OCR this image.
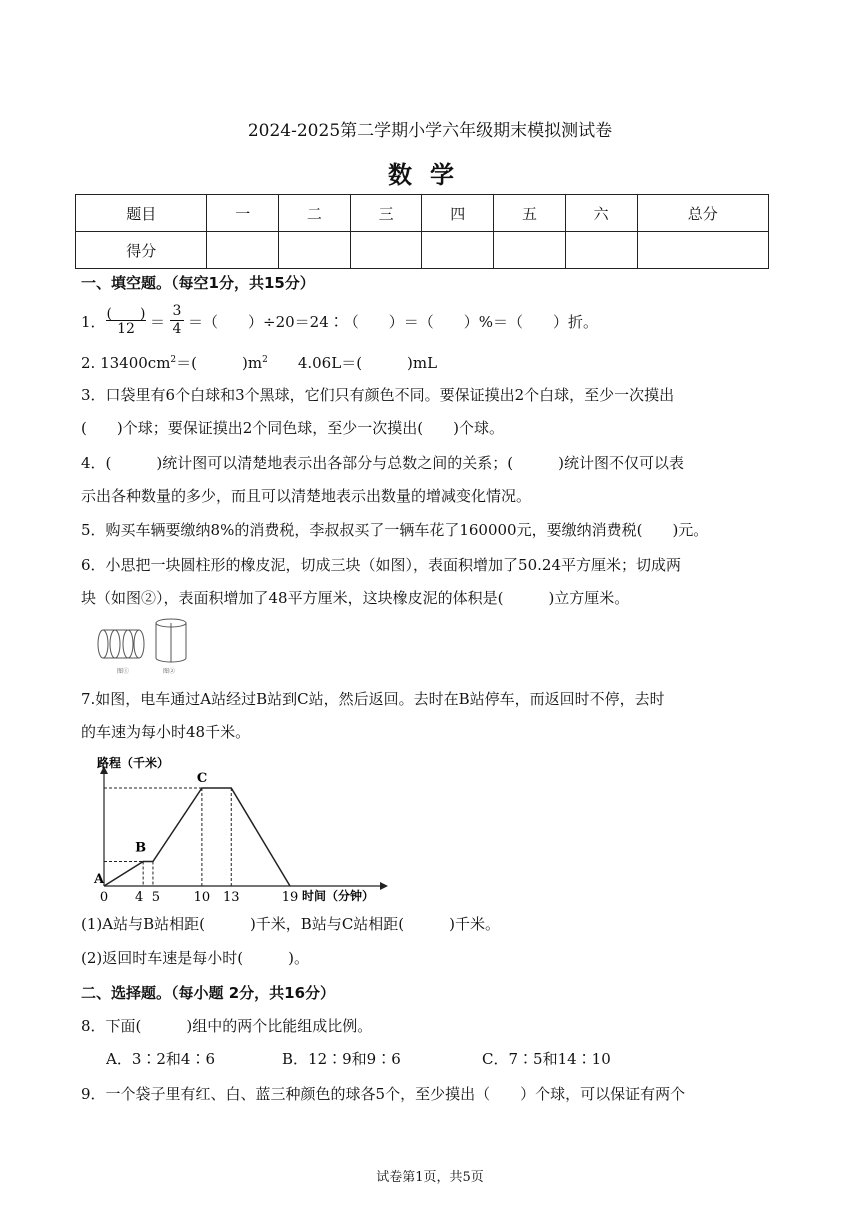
2024-2025第二学期小学六年级期末模拟测试卷
数学
题目	一	二	三	四	五	六	总分
得分							
一、填空题。（每空1分，共15分）
1． (　　)
12	＝ $\frac{3}{4}$ ＝（　　）÷20＝24∶（　　）＝（　　）%＝（　　）折。
2. $13400cm^2=$(　　　)$m^2$　　4.06L＝(　　　)mL
3．口袋里有6个白球和3个黑球，它们只有颜色不同。要保证摸出2个白球，至少一次摸出
(　　)个球；要保证摸出2个同色球，至少一次摸出(　　)个球。
4．(　　　)统计图可以清楚地表示出各部分与总数之间的关系；(　　　)统计图不仅可以表
示出各种数量的多少，而且可以清楚地表示出数量的增减变化情况。
5．购买车辆要缴纳8%的消费税，李叔叔买了一辆车花了160000元，要缴纳消费税(　　)元。
6．小思把一块圆柱形的橡皮泥，切成三块（如图），表面积增加了50.24平方厘米；切成两
块（如图②），表面积增加了48平方厘米，这块橡皮泥的体积是(　　　)立方厘米。
图①	图②
7.如图，电车通过A站经过B站到C站，然后返回。去时在B站停车，而返回时不停，去时
的车速为每小时48千米。
路程（千米）
时间（分钟）
0 4 5	10 13	19
A
B
C
(1)A站与B站相距(　　　)千米，B站与C站相距(　　　)千米。
(2)返回时车速是每小时(　　　)。
二、选择题。（每小题 2分，共16分）
8．下面(　　　)组中的两个比能组成比例。
A．3∶2和4∶6	B．12∶9和9∶6	C．7∶5和14∶10
9．一个袋子里有红、白、蓝三种颜色的球各5个，至少摸出（　　）个球，可以保证有两个
试卷第1页，共5页
